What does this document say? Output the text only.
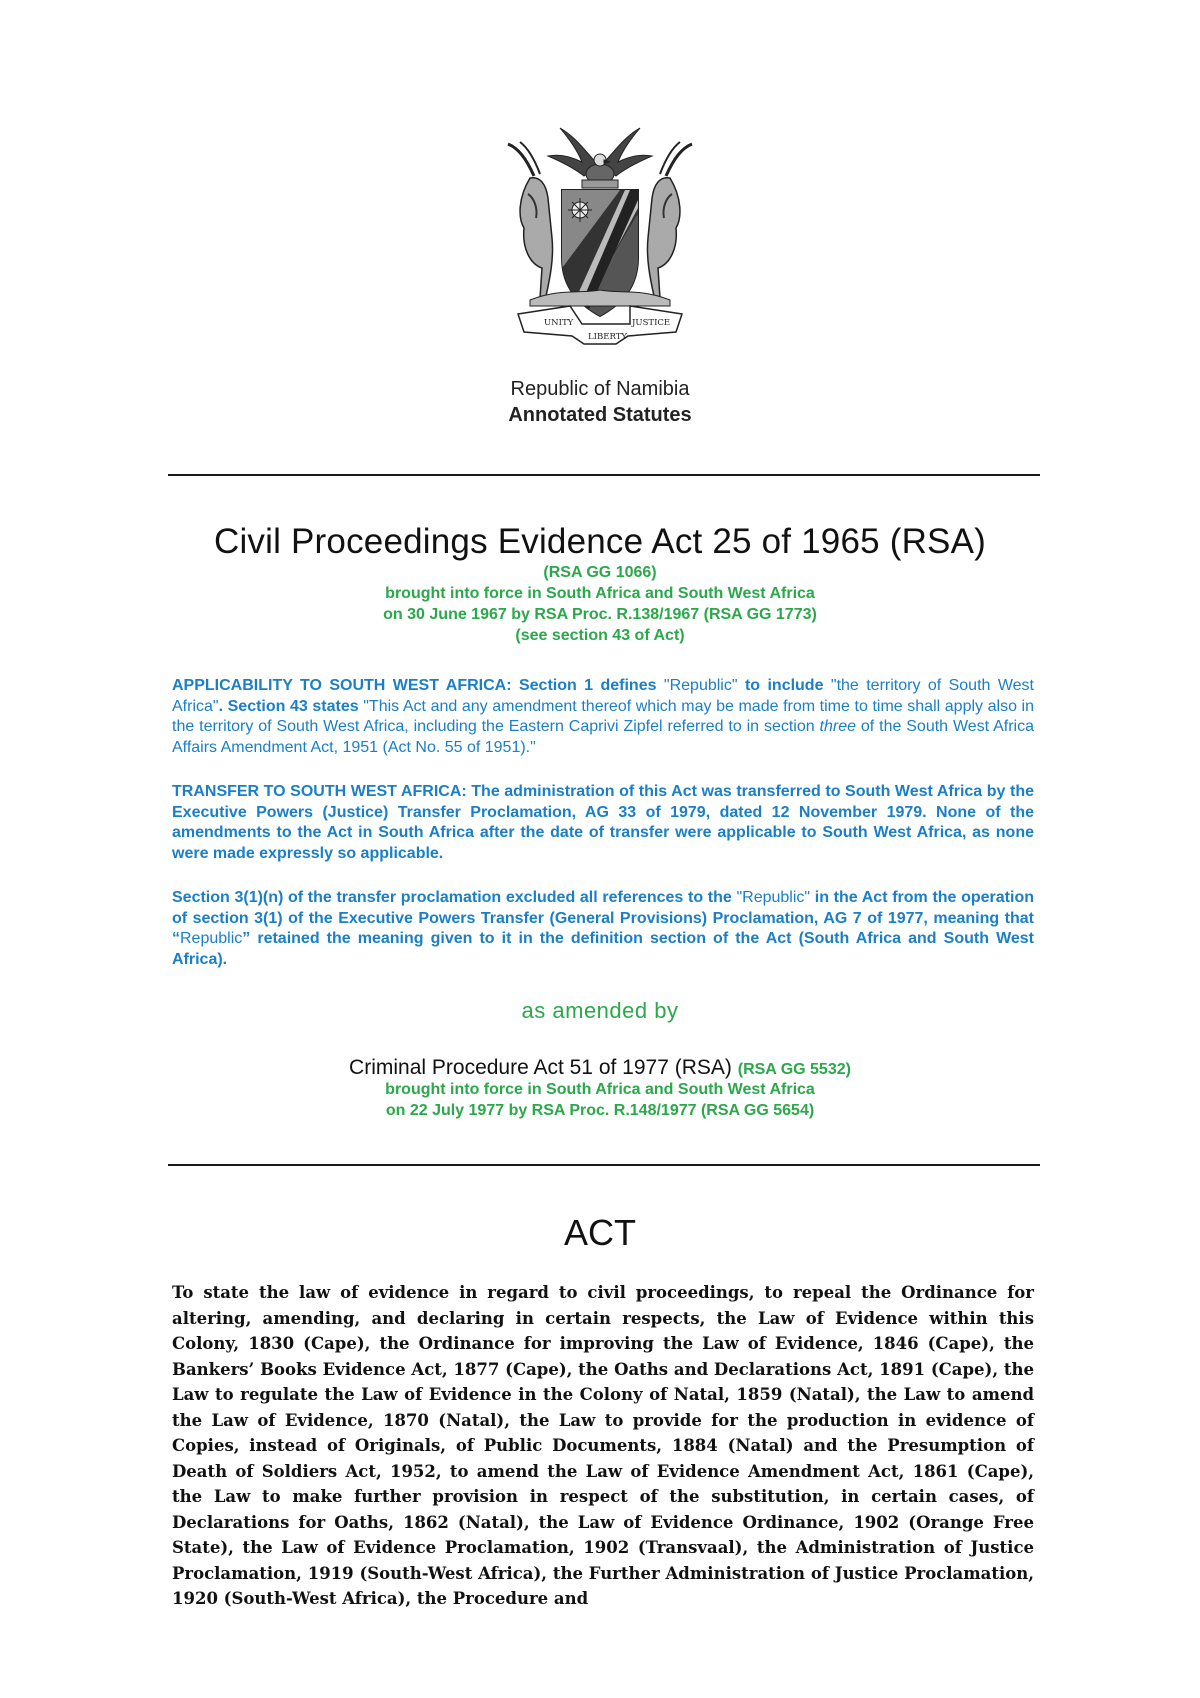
UNITY
LIBERTY
JUSTICE
Republic of Namibia
Annotated Statutes
Civil Proceedings Evidence Act 25 of 1965 (RSA)
(RSA GG 1066)
brought into force in South Africa and South West Africa
on 30 June 1967 by RSA Proc. R.138/1967 (RSA GG 1773)
(see section 43 of Act)
APPLICABILITY TO SOUTH WEST AFRICA: Section 1 defines "Republic" to include "the territory of South West Africa". Section 43 states "This Act and any amendment thereof which may be made from time to time shall apply also in the territory of South West Africa, including the Eastern Caprivi Zipfel referred to in section three of the South West Africa Affairs Amendment Act, 1951 (Act No. 55 of 1951)."
TRANSFER TO SOUTH WEST AFRICA: The administration of this Act was transferred to South West Africa by the Executive Powers (Justice) Transfer Proclamation, AG 33 of 1979, dated 12 November 1979. None of the amendments to the Act in South Africa after the date of transfer were applicable to South West Africa, as none were made expressly so applicable.
Section 3(1)(n) of the transfer proclamation excluded all references to the "Republic" in the Act from the operation of section 3(1) of the Executive Powers Transfer (General Provisions) Proclamation, AG 7 of 1977, meaning that “Republic” retained the meaning given to it in the definition section of the Act (South Africa and South West Africa).
as amended by
Criminal Procedure Act 51 of 1977 (RSA) (RSA GG 5532)
brought into force in South Africa and South West Africa
on 22 July 1977 by RSA Proc. R.148/1977 (RSA GG 5654)
ACT
To state the law of evidence in regard to civil proceedings, to repeal the Ordinance for altering, amending, and declaring in certain respects, the Law of Evidence within this Colony, 1830 (Cape), the Ordinance for improving the Law of Evidence, 1846 (Cape), the Bankers’ Books Evidence Act, 1877 (Cape), the Oaths and Declarations Act, 1891 (Cape), the Law to regulate the Law of Evidence in the Colony of Natal, 1859 (Natal), the Law to amend the Law of Evidence, 1870 (Natal), the Law to provide for the production in evidence of Copies, instead of Originals, of Public Documents, 1884 (Natal) and the Presumption of Death of Soldiers Act, 1952, to amend the Law of Evidence Amendment Act, 1861 (Cape), the Law to make further provision in respect of the substitution, in certain cases, of Declarations for Oaths, 1862 (Natal), the Law of Evidence Ordinance, 1902 (Orange Free State), the Law of Evidence Proclamation, 1902 (Transvaal), the Administration of Justice Proclamation, 1919 (South-West Africa), the Further Administration of Justice Proclamation, 1920 (South-West Africa), the Procedure and
